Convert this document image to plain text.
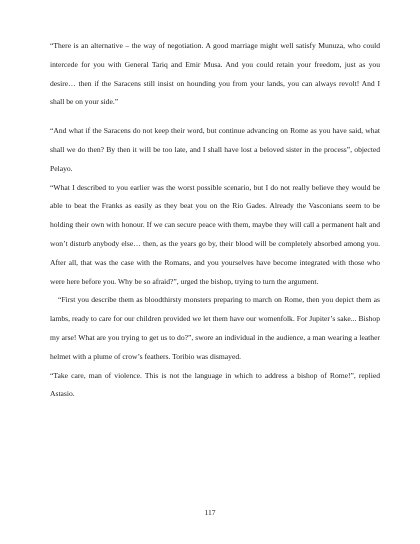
“There is an alternative – the way of negotiation. A good marriage might well satisfy Munuza, who could intercede for you with General Tariq and Emir Musa. And you could retain your freedom, just as you desire… then if the Saracens still insist on hounding you from your lands, you can always revolt! And I shall be on your side.”

“And what if the Saracens do not keep their word, but continue advancing on Rome as you have said, what shall we do then? By then it will be too late, and I shall have lost a beloved sister in the process”, objected Pelayo.

“What I described to you earlier was the worst possible scenario, but I do not really believe they would be able to beat the Franks as easily as they beat you on the Rio Gades. Already the Vasconians seem to be holding their own with honour. If we can secure peace with them, maybe they will call a permanent halt and won’t disturb anybody else… then, as the years go by, their blood will be completely absorbed among you. After all, that was the case with the Romans, and you yourselves have become integrated with those who were here before you. Why be so afraid?”, urged the bishop, trying to turn the argument.

“First you describe them as bloodthirsty monsters preparing to march on Rome, then you depict them as lambs, ready to care for our children provided we let them have our womenfolk. For Jupiter’s sake... Bishop my arse! What are you trying to get us to do?”, swore an individual in the audience, a man wearing a leather helmet with a plume of crow’s feathers. Toribio was dismayed.

“Take care, man of violence. This is not the language in which to address a bishop of Rome!”, replied Astasio.

117
